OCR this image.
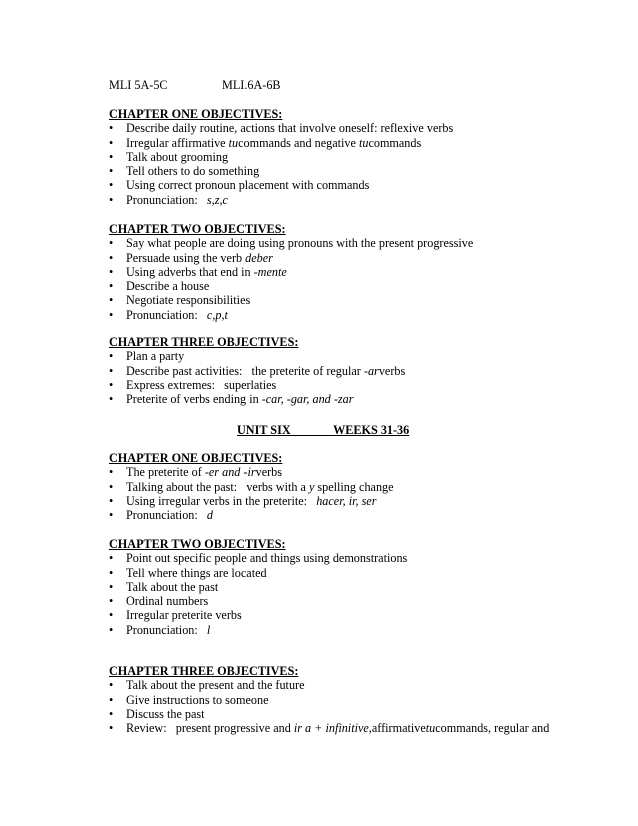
MLI 5A-5C	MLI.6A-6B
CHAPTER ONE OBJECTIVES:
• Describe daily routine, actions that involve oneself: reflexive verbs
• Irregular affirmative tucommands and negative tucommands
• Talk about grooming
• Tell others to do something
• Using correct pronoun placement with commands
• Pronunciation:   s,z,c
CHAPTER TWO OBJECTIVES:
• Say what people are doing using pronouns with the present progressive
• Persuade using the verb deber
• Using adverbs that end in -mente
• Describe a house
• Negotiate responsibilities
• Pronunciation:   c,p,t
CHAPTER THREE OBJECTIVES:
• Plan a party
• Describe past activities:   the preterite of regular -arverbs
• Express extremes:   superlaties
• Preterite of verbs ending in -car, -gar, and -zar
UNIT SIX	WEEKS 31-36
CHAPTER ONE OBJECTIVES:
• The preterite of -er and -irverbs
• Talking about the past:   verbs with a y spelling change
• Using irregular verbs in the preterite:   hacer, ir, ser
• Pronunciation:   d
CHAPTER TWO OBJECTIVES:
• Point out specific people and things using demonstrations
• Tell where things are located
• Talk about the past
• Ordinal numbers
• Irregular preterite verbs
• Pronunciation:   l
CHAPTER THREE OBJECTIVES:
• Talk about the present and the future
• Give instructions to someone
• Discuss the past
• Review:   present progressive and ir a + infinitive,affirmativetucommands, regular and
